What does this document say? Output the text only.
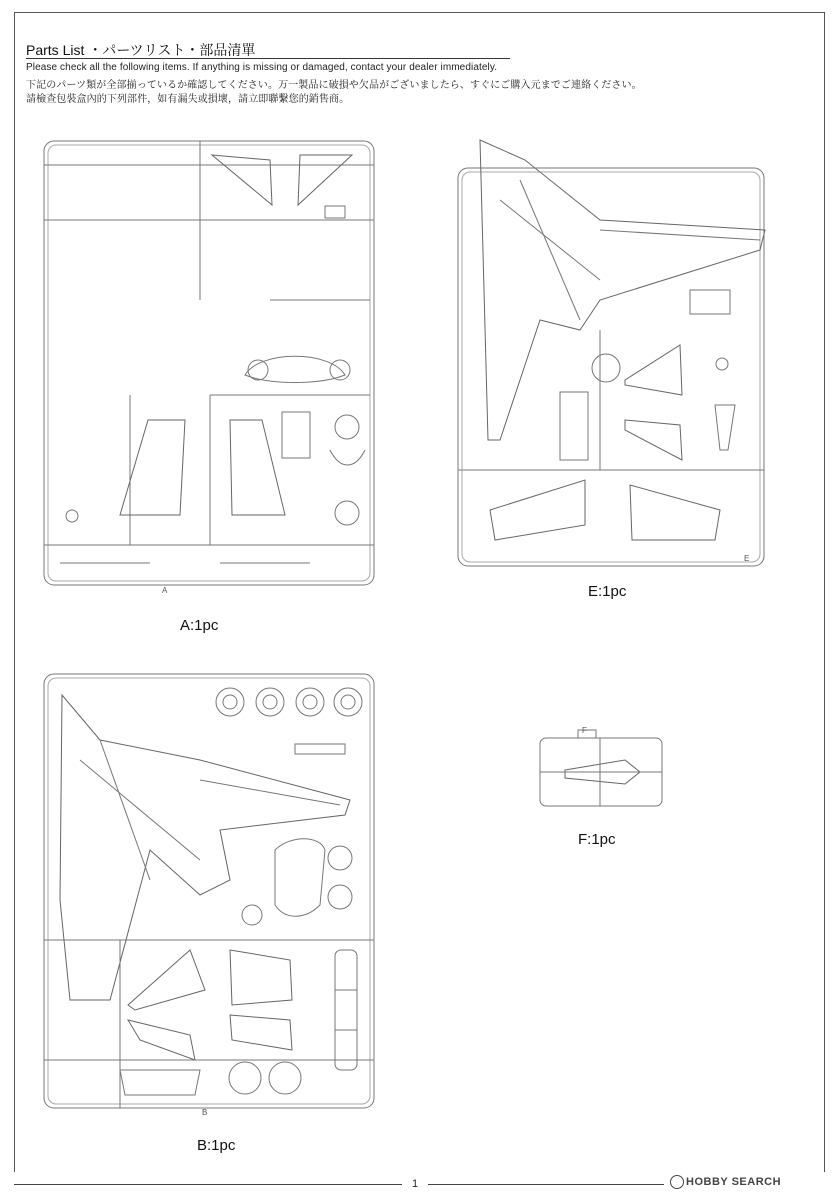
Parts List ・パーツリスト・部品清單
Please check all the following items. If anything is missing or damaged, contact your dealer immediately.
下記のパーツ類が全部揃っているか確認してください。万一製品に破損や欠品がございましたら、すぐにご購入元までご連絡ください。
請檢查包裝盒內的下列部件，如有漏失或損壞，請立即聯繫您的銷售商。
A
A:1pc
E
E:1pc
B
B:1pc
F
F:1pc
1	HOBBY SEARCH
